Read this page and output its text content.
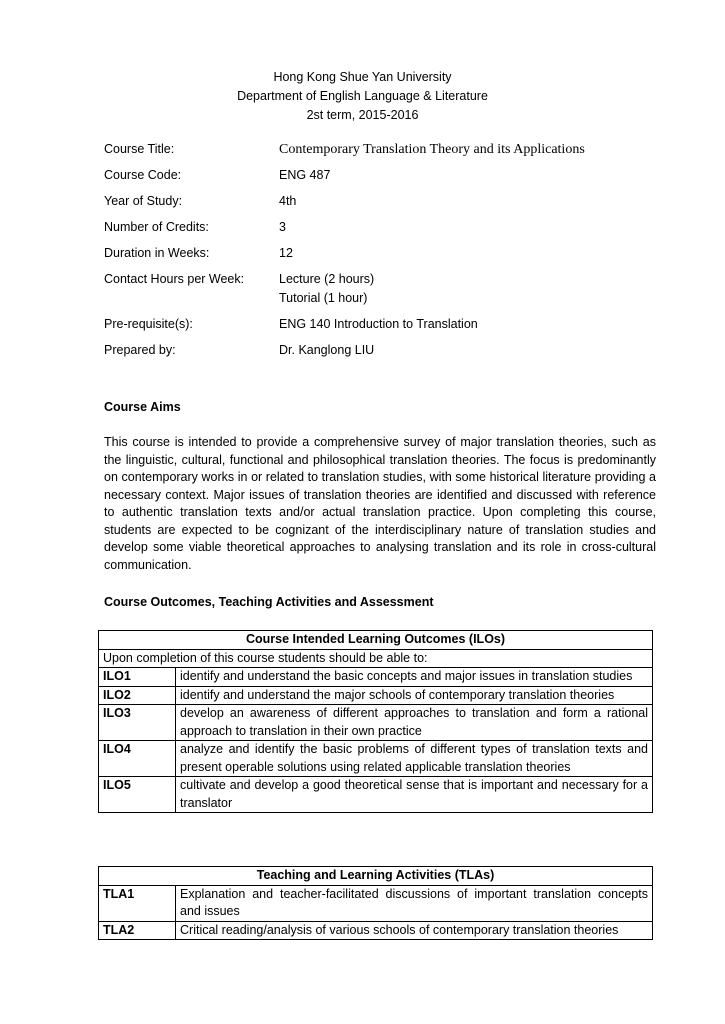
Hong Kong Shue Yan University
Department of English Language & Literature
2st term, 2015-2016
Course Title:	Contemporary Translation Theory and its Applications
Course Code:	ENG 487
Year of Study:	4th
Number of Credits:	3
Duration in Weeks:	12
Contact Hours per Week:	Lecture (2 hours)
Tutorial (1 hour)
Pre-requisite(s):	ENG 140 Introduction to Translation
Prepared by:	Dr. Kanglong LIU
Course Aims
This course is intended to provide a comprehensive survey of major translation theories, such as the linguistic, cultural, functional and philosophical translation theories. The focus is predominantly on contemporary works in or related to translation studies, with some historical literature providing a necessary context. Major issues of translation theories are identified and discussed with reference to authentic translation texts and/or actual translation practice. Upon completing this course, students are expected to be cognizant of the interdisciplinary nature of translation studies and develop some viable theoretical approaches to analysing translation and its role in cross-cultural communication.
Course Outcomes, Teaching Activities and Assessment
Course Intended Learning Outcomes (ILOs)	
Upon completion of this course students should be able to:	
ILO1	identify and understand the basic concepts and major issues in translation studies
ILO2	identify and understand the major schools of contemporary translation theories
ILO3	develop an awareness of different approaches to translation and form a rational approach to translation in their own practice
ILO4	analyze and identify the basic problems of different types of translation texts and present operable solutions using related applicable translation theories
ILO5	cultivate and develop a good theoretical sense that is important and necessary for a translator
Teaching and Learning Activities (TLAs)	
TLA1	Explanation and teacher-facilitated discussions of important translation concepts and issues
TLA2	Critical reading/analysis of various schools of contemporary translation theories
